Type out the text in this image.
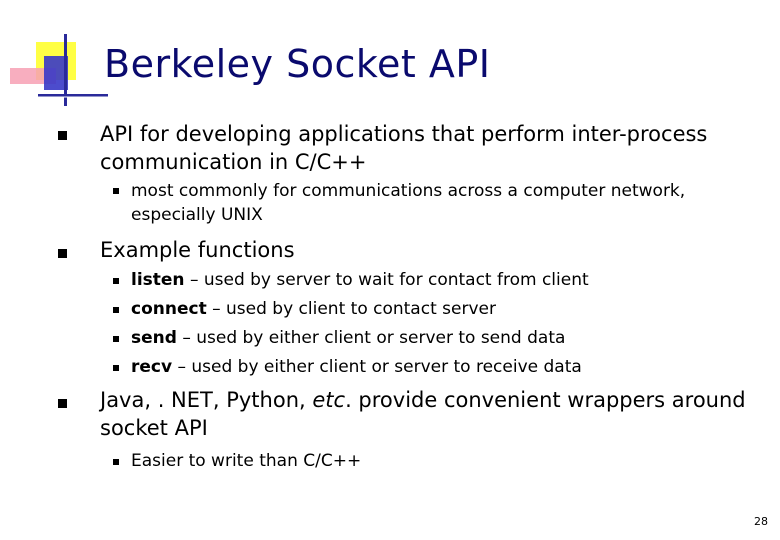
Berkeley Socket API
API for developing applications that perform inter-process
communication in C/C++
most commonly for communications across a computer network,
especially UNIX
Example functions
listen – used by server to wait for contact from client
connect – used by client to contact server
send – used by either client or server to send data
recv – used by either client or server to receive data
Java, . NET, Python, etc. provide convenient wrappers around
socket API
Easier to write than C/C++
28
